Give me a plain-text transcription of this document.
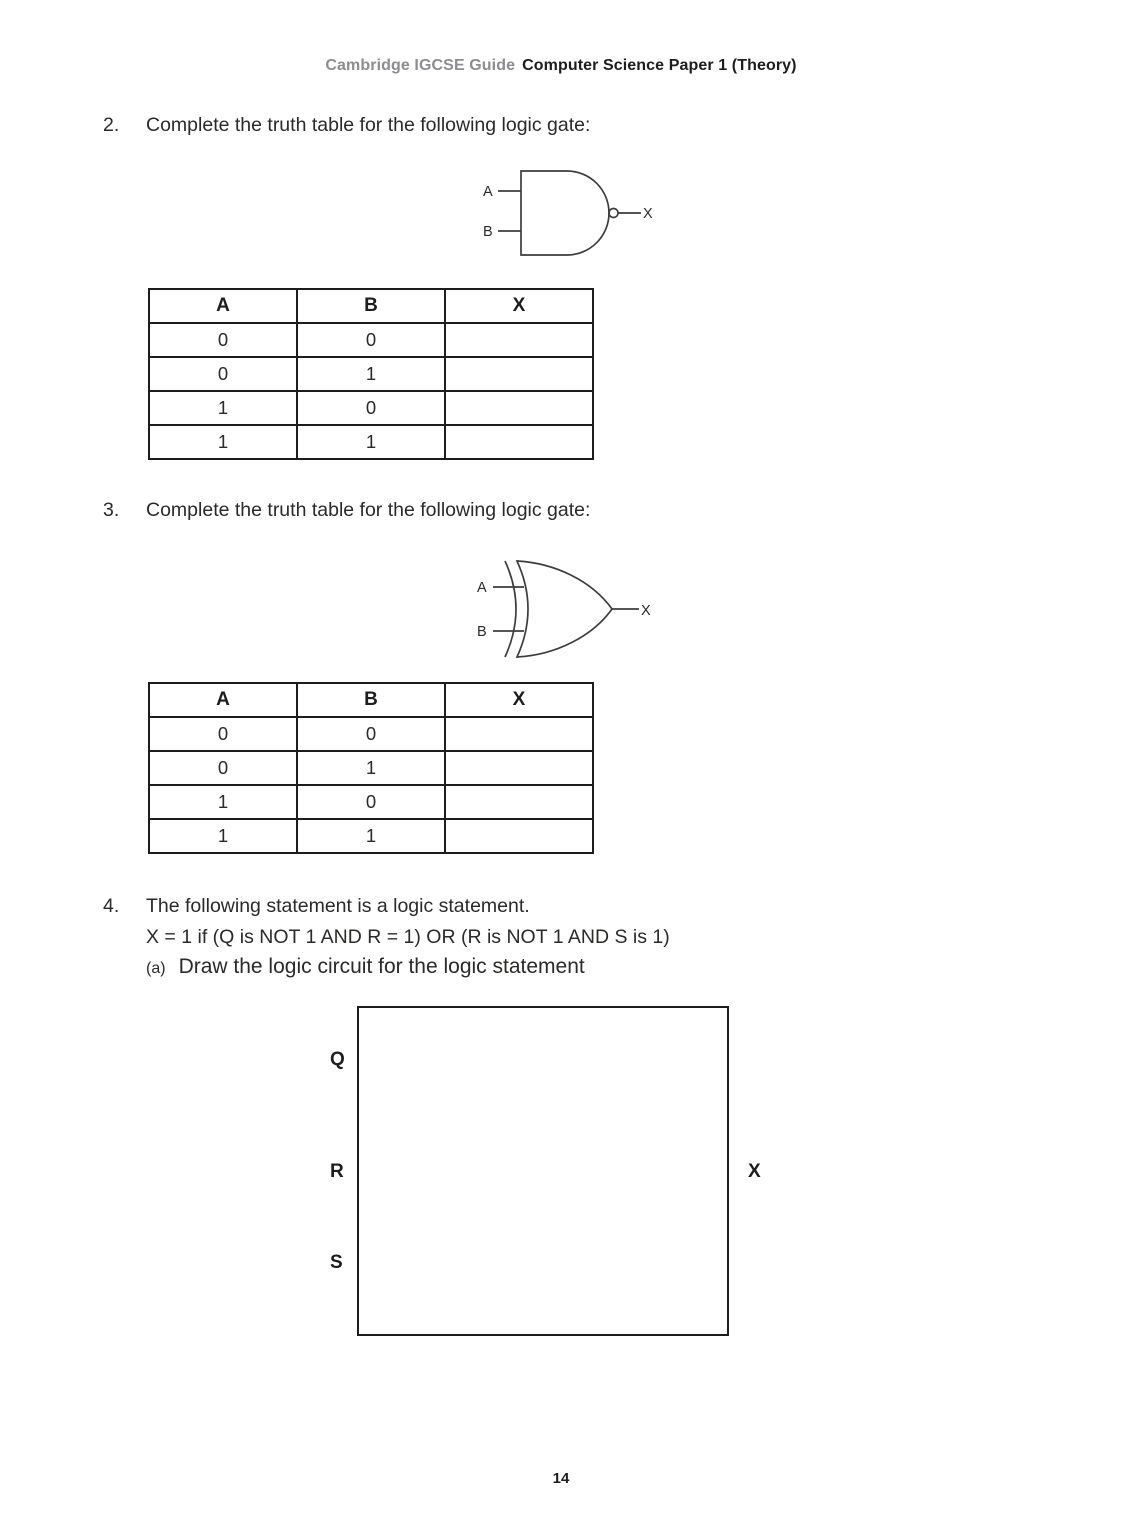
Cambridge IGCSE Guide Computer Science Paper 1 (Theory)
2. Complete the truth table for the following logic gate:
A
B
X
A	B	X
0	0	
0	1	
1	0	
1	1	
3. Complete the truth table for the following logic gate:
A
B
X
A	B	X
0	0	
0	1	
1	0	
1	1	
4. The following statement is a logic statement.
X = 1 if (Q is NOT 1 AND R = 1) OR (R is NOT 1 AND S is 1)
(a) Draw the logic circuit for the logic statement
Q
R
S
X
14
